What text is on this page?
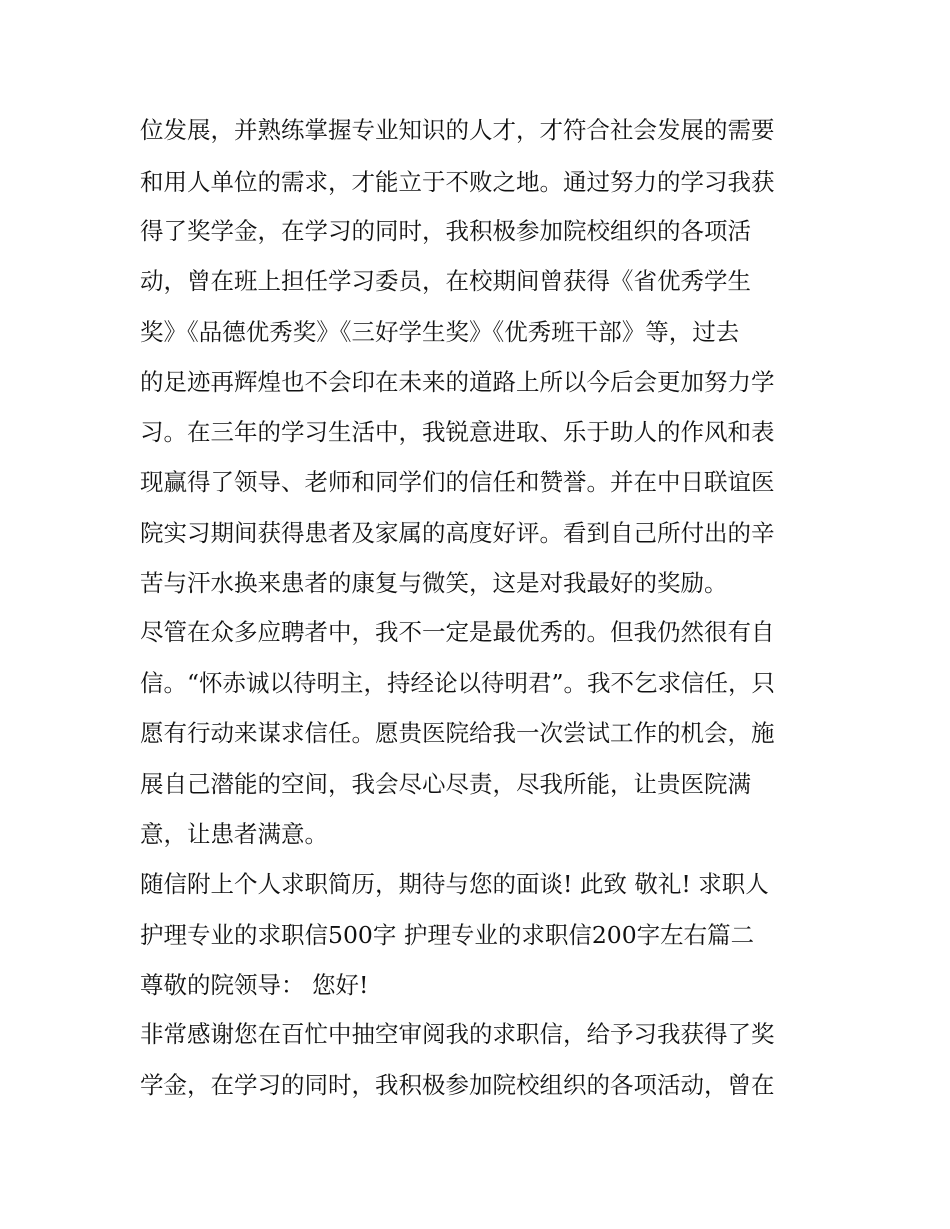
位发展，并熟练掌握专业知识的人才，才符合社会发展的需要
和用人单位的需求，才能立于不败之地。通过努力的学习我获
得了奖学金，在学习的同时，我积极参加院校组织的各项活
动，曾在班上担任学习委员，在校期间曾获得《省优秀学生
奖》《品德优秀奖》《三好学生奖》《优秀班干部》等，过去
的足迹再辉煌也不会印在未来的道路上所以今后会更加努力学
习。在三年的学习生活中，我锐意进取、乐于助人的作风和表
现赢得了领导、老师和同学们的信任和赞誉。并在中日联谊医
院实习期间获得患者及家属的高度好评。看到自己所付出的辛
苦与汗水换来患者的康复与微笑，这是对我最好的奖励。
尽管在众多应聘者中，我不一定是最优秀的。但我仍然很有自
信。“怀赤诚以待明主，持经论以待明君”。我不乞求信任，只
愿有行动来谋求信任。愿贵医院给我一次尝试工作的机会，施
展自己潜能的空间，我会尽心尽责，尽我所能，让贵医院满
意，让患者满意。
随信附上个人求职简历，期待与您的面谈! 此致 敬礼! 求职人
护理专业的求职信500字 护理专业的求职信200字左右篇二
尊敬的院领导： 您好!
非常感谢您在百忙中抽空审阅我的求职信，给予习我获得了奖
学金，在学习的同时，我积极参加院校组织的各项活动，曾在
